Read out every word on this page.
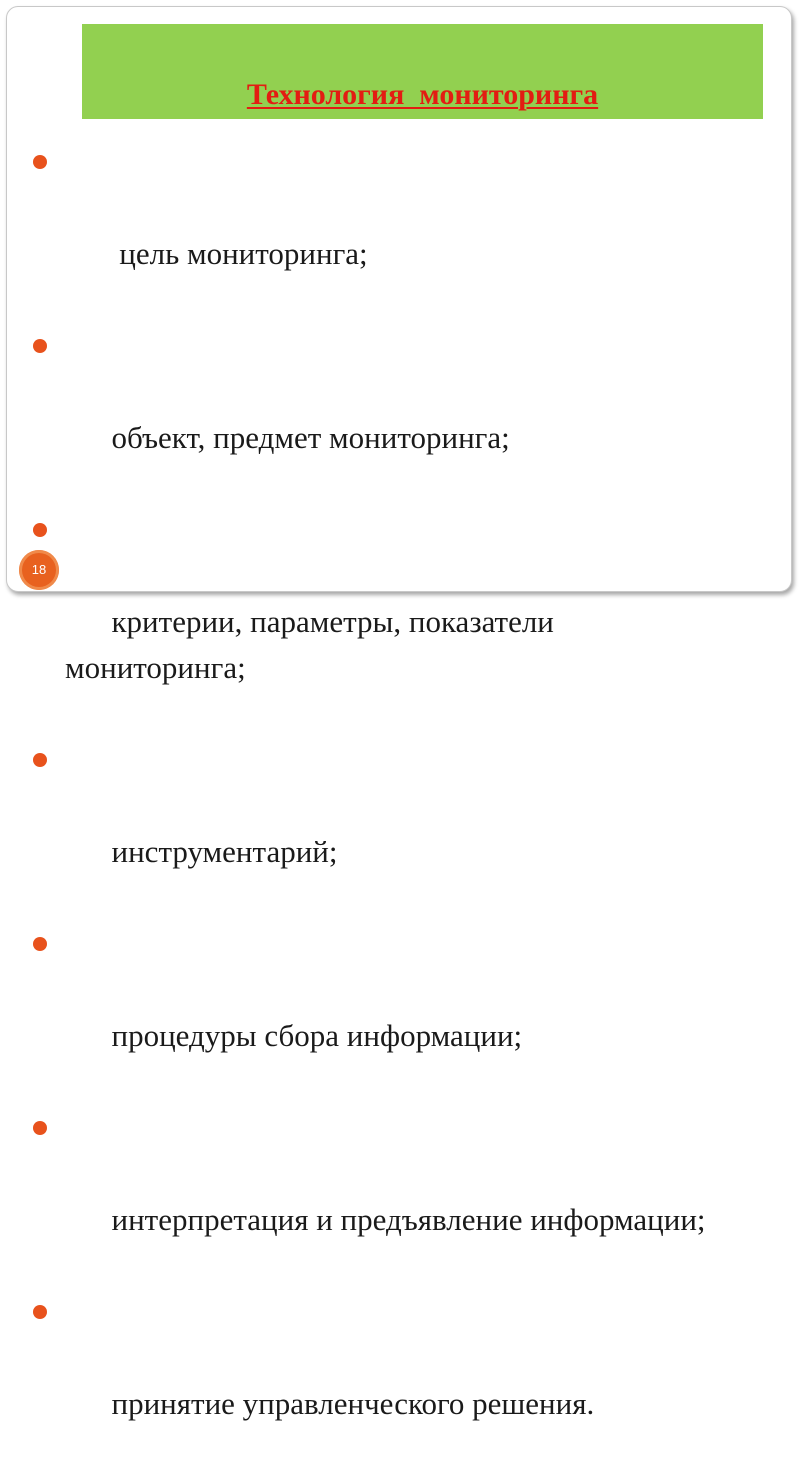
Технология  мониторинга

цель мониторинга;

объект, предмет мониторинга;

критерии, параметры, показатели
мониторинга;

инструментарий;

процедуры сбора информации;

интерпретация и предъявление информации;

принятие управленческого решения.

18
